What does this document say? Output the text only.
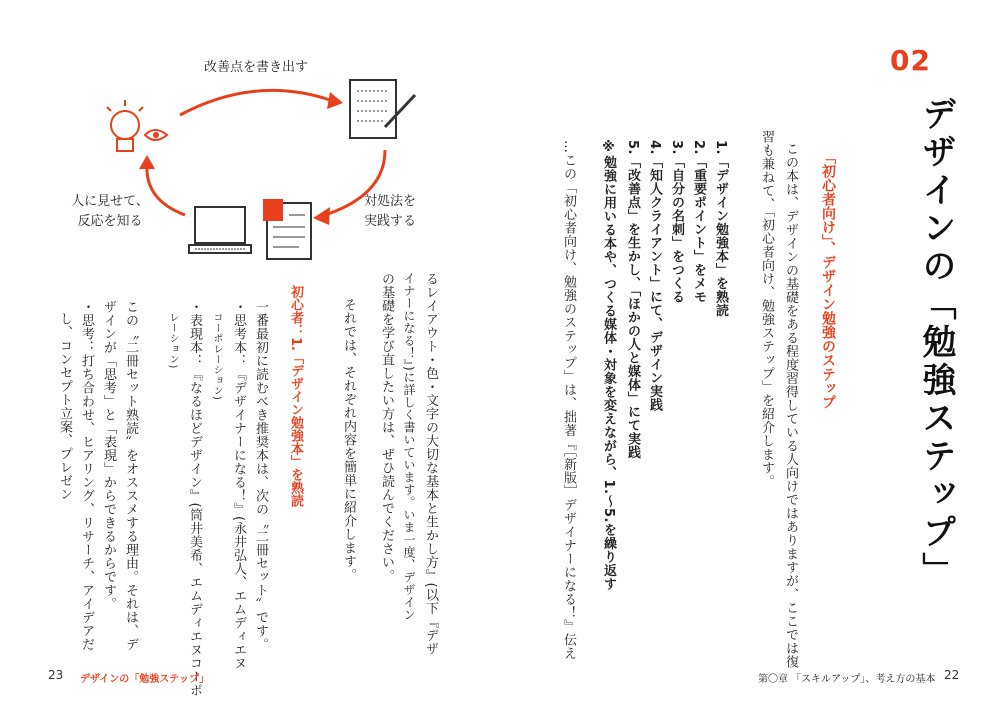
02
デザインの「勉強ステップ」
この本は、デザインの基礎をある程度習得している人向けではありますが、ここでは復
習も兼ねて、「初心者向け、勉強ステップ」を紹介します。	「初心者向け」、デザイン勉強のステップ
1.「デザイン勉強本」を熟読
2.「重要ポイント」をメモ
3.「自分の名刺」をつくる
4.「知人クライアント」にて、デザイン実践
5.「改善点」を生かし、「ほかの人と媒体」にて実践
※勉強に用いる本や、つくる媒体・対象を変えながら、1.〜5.を繰り返す
…この「初心者向け、勉強のステップ」は、拙著『［新版］デザイナーになる！』伝え
第〇章 「スキルアップ」、考え方の基本 22
改善点を書き出す
対処法を
実践する
人に見せて、
反応を知る
るレイアウト・色・文字の大切な基本と生かし方』(以下『デザ
イナーになる！』)に詳しく書いています。いま一度、デザイン
の基礎を学び直したい方は、ぜひ読んでください。
それでは、それぞれ内容を簡単に紹介します。
初心者：1.「デザイン勉強本」を熟読
一番最初に読むべき推奨本は、次の〝二冊セット〟です。
・思考本：『デザイナーになる！』(永井弘人、エムディエヌ
コーポレーション)
・表現本：『なるほどデザイン』(筒井美希、エムディエヌコーポ
レーション)
この〝二冊セット熟読〟をオススメする理由。それは、デ
ザインが「思考」と「表現」からできるからです。
・思考：打ち合わせ、ヒアリング、リサーチ、アイデアだ
し、コンセプト立案、プレゼン
23 デザインの「勉強ステップ」
